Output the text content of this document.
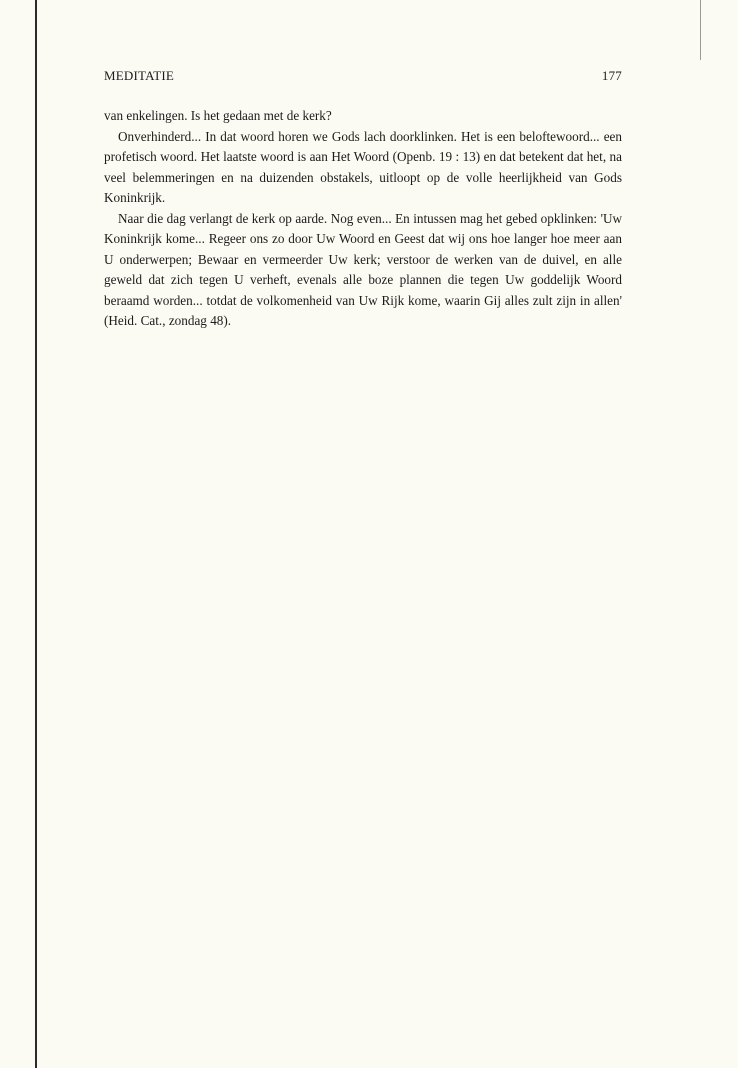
MEDITATIE	177

van enkelingen. Is het gedaan met de kerk?

Onverhinderd... In dat woord horen we Gods lach doorklinken. Het is een beloftewoord... een profetisch woord. Het laatste woord is aan Het Woord (Openb. 19 : 13) en dat betekent dat het, na veel belemmeringen en na duizenden obstakels, uitloopt op de volle heerlijkheid van Gods Koninkrijk.

Naar die dag verlangt de kerk op aarde. Nog even... En intussen mag het gebed opklinken: 'Uw Koninkrijk kome... Regeer ons zo door Uw Woord en Geest dat wij ons hoe langer hoe meer aan U onderwerpen; Bewaar en vermeerder Uw kerk; verstoor de werken van de duivel, en alle geweld dat zich tegen U verheft, evenals alle boze plannen die tegen Uw goddelijk Woord beraamd worden... totdat de volkomenheid van Uw Rijk kome, waarin Gij alles zult zijn in allen' (Heid. Cat., zondag 48).
